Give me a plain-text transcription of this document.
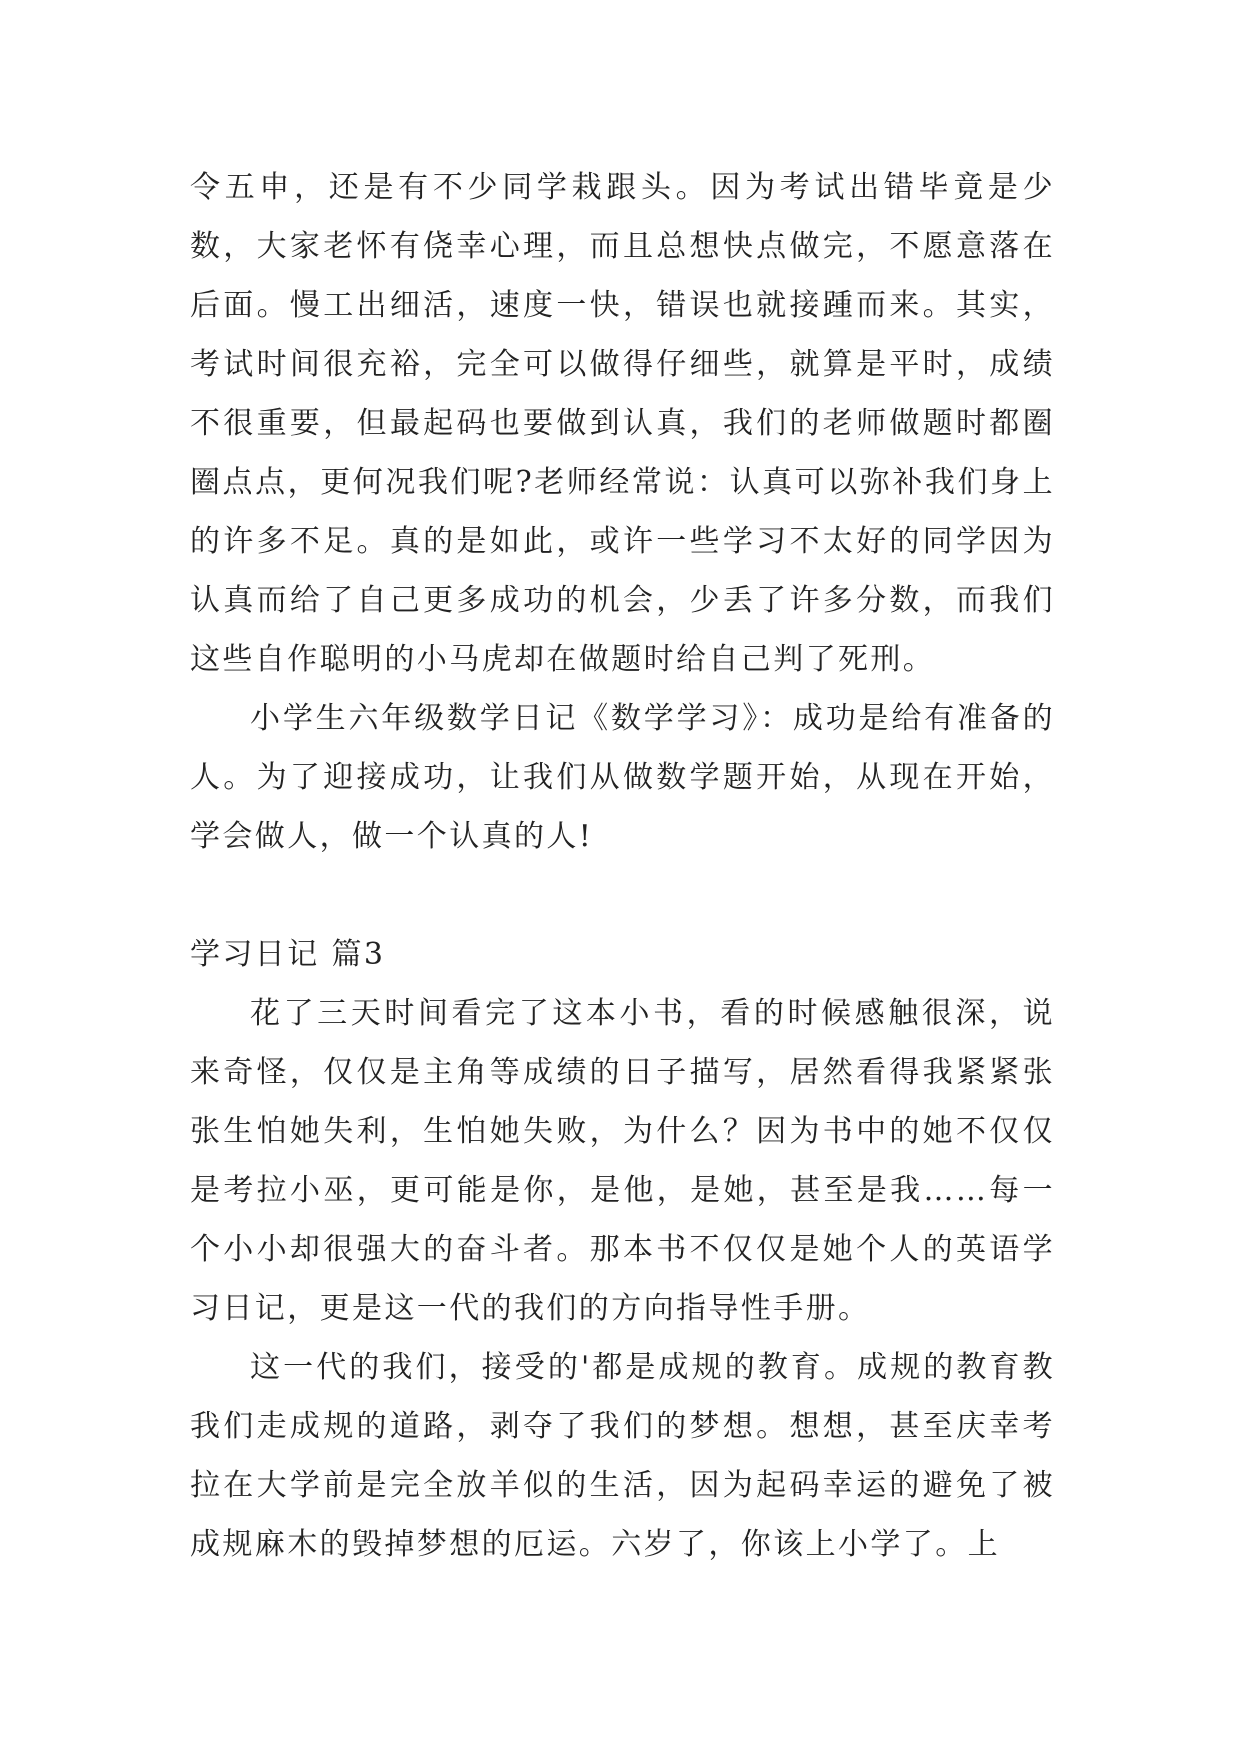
令五申，还是有不少同学栽跟头。因为考试出错毕竟是少数，大家老怀有侥幸心理，而且总想快点做完，不愿意落在后面。慢工出细活，速度一快，错误也就接踵而来。其实，考试时间很充裕，完全可以做得仔细些，就算是平时，成绩不很重要，但最起码也要做到认真，我们的老师做题时都圈圈点点，更何况我们呢?老师经常说：认真可以弥补我们身上的许多不足。真的是如此，或许一些学习不太好的同学因为认真而给了自己更多成功的机会，少丢了许多分数，而我们这些自作聪明的小马虎却在做题时给自己判了死刑。

小学生六年级数学日记《数学学习》：成功是给有准备的人。为了迎接成功，让我们从做数学题开始，从现在开始，学会做人，做一个认真的人!

学习日记 篇3

花了三天时间看完了这本小书，看的时候感触很深，说来奇怪，仅仅是主角等成绩的日子描写，居然看得我紧紧张张生怕她失利，生怕她失败，为什么？因为书中的她不仅仅是考拉小巫，更可能是你，是他，是她，甚至是我……每一个小小却很强大的奋斗者。那本书不仅仅是她个人的英语学习日记，更是这一代的我们的方向指导性手册。

这一代的我们，接受的'都是成规的教育。成规的教育教我们走成规的道路，剥夺了我们的梦想。想想，甚至庆幸考拉在大学前是完全放羊似的生活，因为起码幸运的避免了被成规麻木的毁掉梦想的厄运。六岁了，你该上小学了。上
